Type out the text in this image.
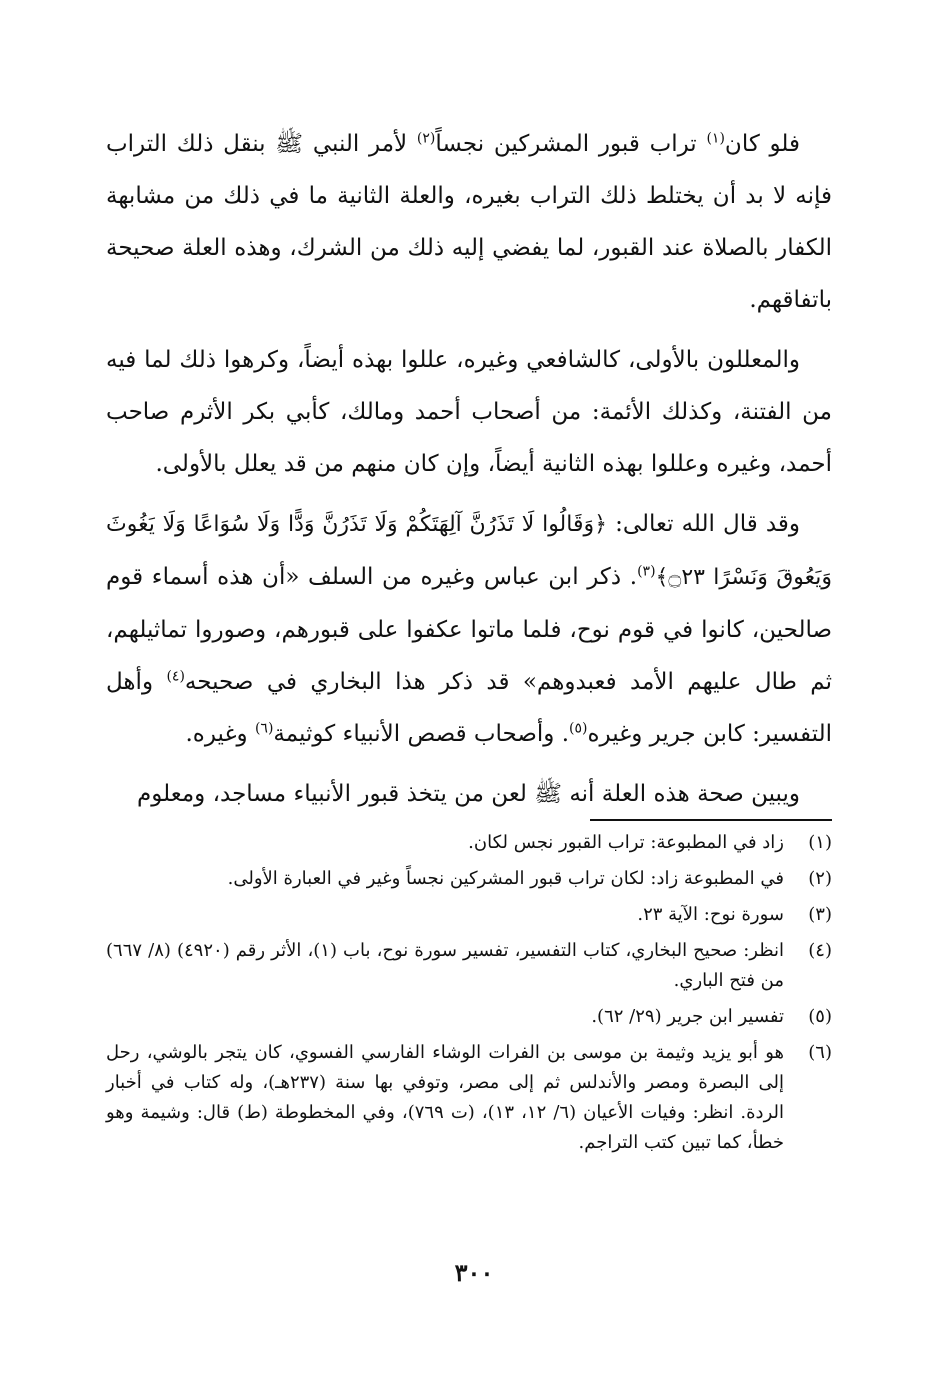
فلو كان$^{(١)}$ تراب قبور المشركين نجساً$^{(٢)}$ لأمر النبي ﷺ بنقل ذلك التراب فإنه لا بد أن يختلط ذلك التراب بغيره، والعلة الثانية ما في ذلك من مشابهة الكفار بالصلاة عند القبور، لما يفضي إليه ذلك من الشرك، وهذه العلة صحيحة باتفاقهم.

والمعللون بالأولى، كالشافعي وغيره، عللوا بهذه أيضاً، وكرهوا ذلك لما فيه من الفتنة، وكذلك الأئمة: من أصحاب أحمد ومالك، كأبي بكر الأثرم صاحب أحمد، وغيره وعللوا بهذه الثانية أيضاً، وإن كان منهم من قد يعلل بالأولى.

وقد قال الله تعالى: ﴿وَقَالُوا لَا تَذَرُنَّ آلِهَتَكُمْ وَلَا تَذَرُنَّ وَدًّا وَلَا سُوَاعًا وَلَا يَغُوثَ وَيَعُوقَ وَنَسْرًا ۝٢٣﴾$^{(٣)}$. ذكر ابن عباس وغيره من السلف «أن هذه أسماء قوم صالحين، كانوا في قوم نوح، فلما ماتوا عكفوا على قبورهم، وصوروا تماثيلهم، ثم طال عليهم الأمد فعبدوهم» قد ذكر هذا البخاري في صحيحه$^{(٤)}$ وأهل التفسير: كابن جرير وغيره$^{(٥)}$. وأصحاب قصص الأنبياء كوثيمة$^{(٦)}$ وغيره.

ويبين صحة هذه العلة أنه ﷺ لعن من يتخذ قبور الأنبياء مساجد، ومعلوم

(١)
زاد في المطبوعة: تراب القبور نجس لكان.
(٢)
في المطبوعة زاد: لكان تراب قبور المشركين نجساً وغير في العبارة الأولى.
(٣)
سورة نوح: الآية ٢٣.
(٤)
انظر: صحيح البخاري، كتاب التفسير، تفسير سورة نوح، باب (١)، الأثر رقم (٤٩٢٠) (٨/ ٦٦٧) من فتح الباري.
(٥)
تفسير ابن جرير (٢٩/ ٦٢).
(٦)
هو أبو يزيد وثيمة بن موسى بن الفرات الوشاء الفارسي الفسوي، كان يتجر بالوشي، رحل إلى البصرة ومصر والأندلس ثم إلى مصر، وتوفي بها سنة (٢٣٧هـ)، وله كتاب في أخبار الردة. انظر: وفيات الأعيان (٦/ ١٢، ١٣)، (ت ٧٦٩)، وفي المخطوطة (ط) قال: وشيمة وهو خطأ، كما تبين كتب التراجم.
٣٠٠
